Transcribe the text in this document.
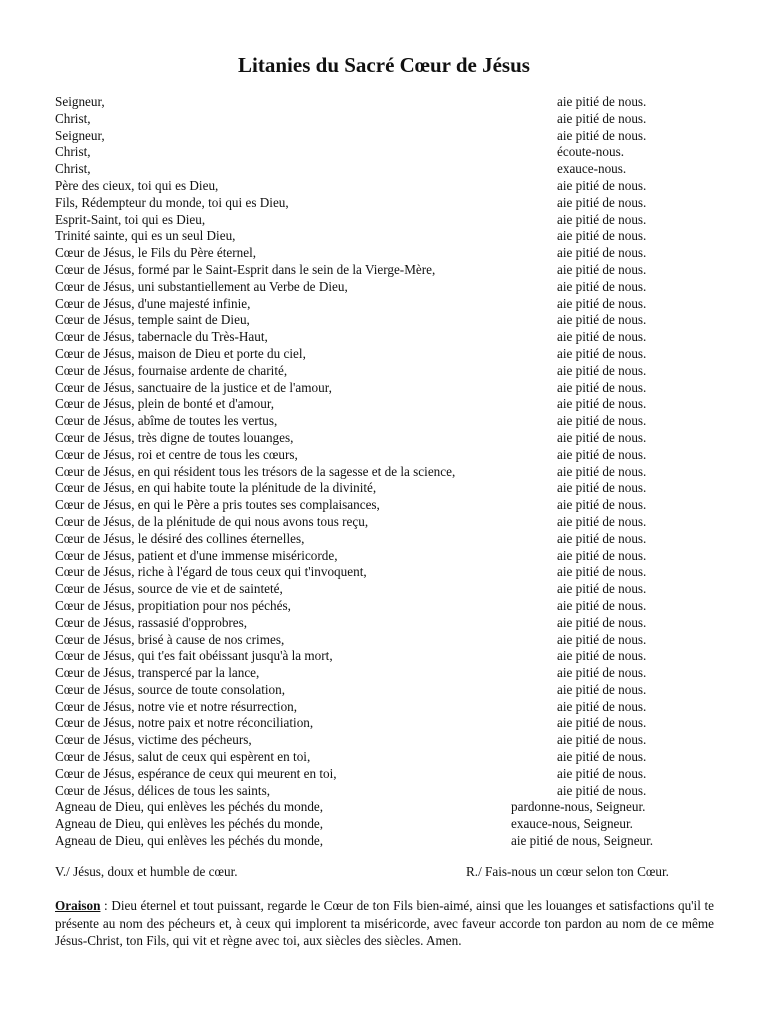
Litanies du Sacré Cœur de Jésus
Seigneur,	aie pitié de nous.
Christ,	aie pitié de nous.
Seigneur,	aie pitié de nous.
Christ,	écoute-nous.
Christ,	exauce-nous.
Père des cieux, toi qui es Dieu,	aie pitié de nous.
Fils, Rédempteur du monde, toi qui es Dieu,	aie pitié de nous.
Esprit-Saint, toi qui es Dieu,	aie pitié de nous.
Trinité sainte, qui es un seul Dieu,	aie pitié de nous.
Cœur de Jésus, le Fils du Père éternel,	aie pitié de nous.
Cœur de Jésus, formé par le Saint-Esprit dans le sein de la Vierge-Mère,	aie pitié de nous.
Cœur de Jésus, uni substantiellement au Verbe de Dieu,	aie pitié de nous.
Cœur de Jésus, d'une majesté infinie,	aie pitié de nous.
Cœur de Jésus, temple saint de Dieu,	aie pitié de nous.
Cœur de Jésus, tabernacle du Très-Haut,	aie pitié de nous.
Cœur de Jésus, maison de Dieu et porte du ciel,	aie pitié de nous.
Cœur de Jésus, fournaise ardente de charité,	aie pitié de nous.
Cœur de Jésus, sanctuaire de la justice et de l'amour,	aie pitié de nous.
Cœur de Jésus, plein de bonté et d'amour,	aie pitié de nous.
Cœur de Jésus, abîme de toutes les vertus,	aie pitié de nous.
Cœur de Jésus, très digne de toutes louanges,	aie pitié de nous.
Cœur de Jésus, roi et centre de tous les cœurs,	aie pitié de nous.
Cœur de Jésus, en qui résident tous les trésors de la sagesse et de la science,	aie pitié de nous.
Cœur de Jésus, en qui habite toute la plénitude de la divinité,	aie pitié de nous.
Cœur de Jésus, en qui le Père a pris toutes ses complaisances,	aie pitié de nous.
Cœur de Jésus, de la plénitude de qui nous avons tous reçu,	aie pitié de nous.
Cœur de Jésus, le désiré des collines éternelles,	aie pitié de nous.
Cœur de Jésus, patient et d'une immense miséricorde,	aie pitié de nous.
Cœur de Jésus, riche à l'égard de tous ceux qui t'invoquent,	aie pitié de nous.
Cœur de Jésus, source de vie et de sainteté,	aie pitié de nous.
Cœur de Jésus, propitiation pour nos péchés,	aie pitié de nous.
Cœur de Jésus, rassasié d'opprobres,	aie pitié de nous.
Cœur de Jésus, brisé à cause de nos crimes,	aie pitié de nous.
Cœur de Jésus, qui t'es fait obéissant jusqu'à la mort,	aie pitié de nous.
Cœur de Jésus, transpercé par la lance,	aie pitié de nous.
Cœur de Jésus, source de toute consolation,	aie pitié de nous.
Cœur de Jésus, notre vie et notre résurrection,	aie pitié de nous.
Cœur de Jésus, notre paix et notre réconciliation,	aie pitié de nous.
Cœur de Jésus, victime des pécheurs,	aie pitié de nous.
Cœur de Jésus, salut de ceux qui espèrent en toi,	aie pitié de nous.
Cœur de Jésus, espérance de ceux qui meurent en toi,	aie pitié de nous.
Cœur de Jésus, délices de tous les saints,	aie pitié de nous.
Agneau de Dieu, qui enlèves les péchés du monde,	pardonne-nous, Seigneur.
Agneau de Dieu, qui enlèves les péchés du monde,	exauce-nous, Seigneur.
Agneau de Dieu, qui enlèves les péchés du monde,	aie pitié de nous, Seigneur.
V./ Jésus, doux et humble de cœur.	R./ Fais-nous un cœur selon ton Cœur.
Oraison : Dieu éternel et tout puissant, regarde le Cœur de ton Fils bien-aimé, ainsi que les louanges et satisfactions qu'il te présente au nom des pécheurs et, à ceux qui implorent ta miséricorde, avec faveur accorde ton pardon au nom de ce même Jésus-Christ, ton Fils, qui vit et règne avec toi, aux siècles des siècles. Amen.
